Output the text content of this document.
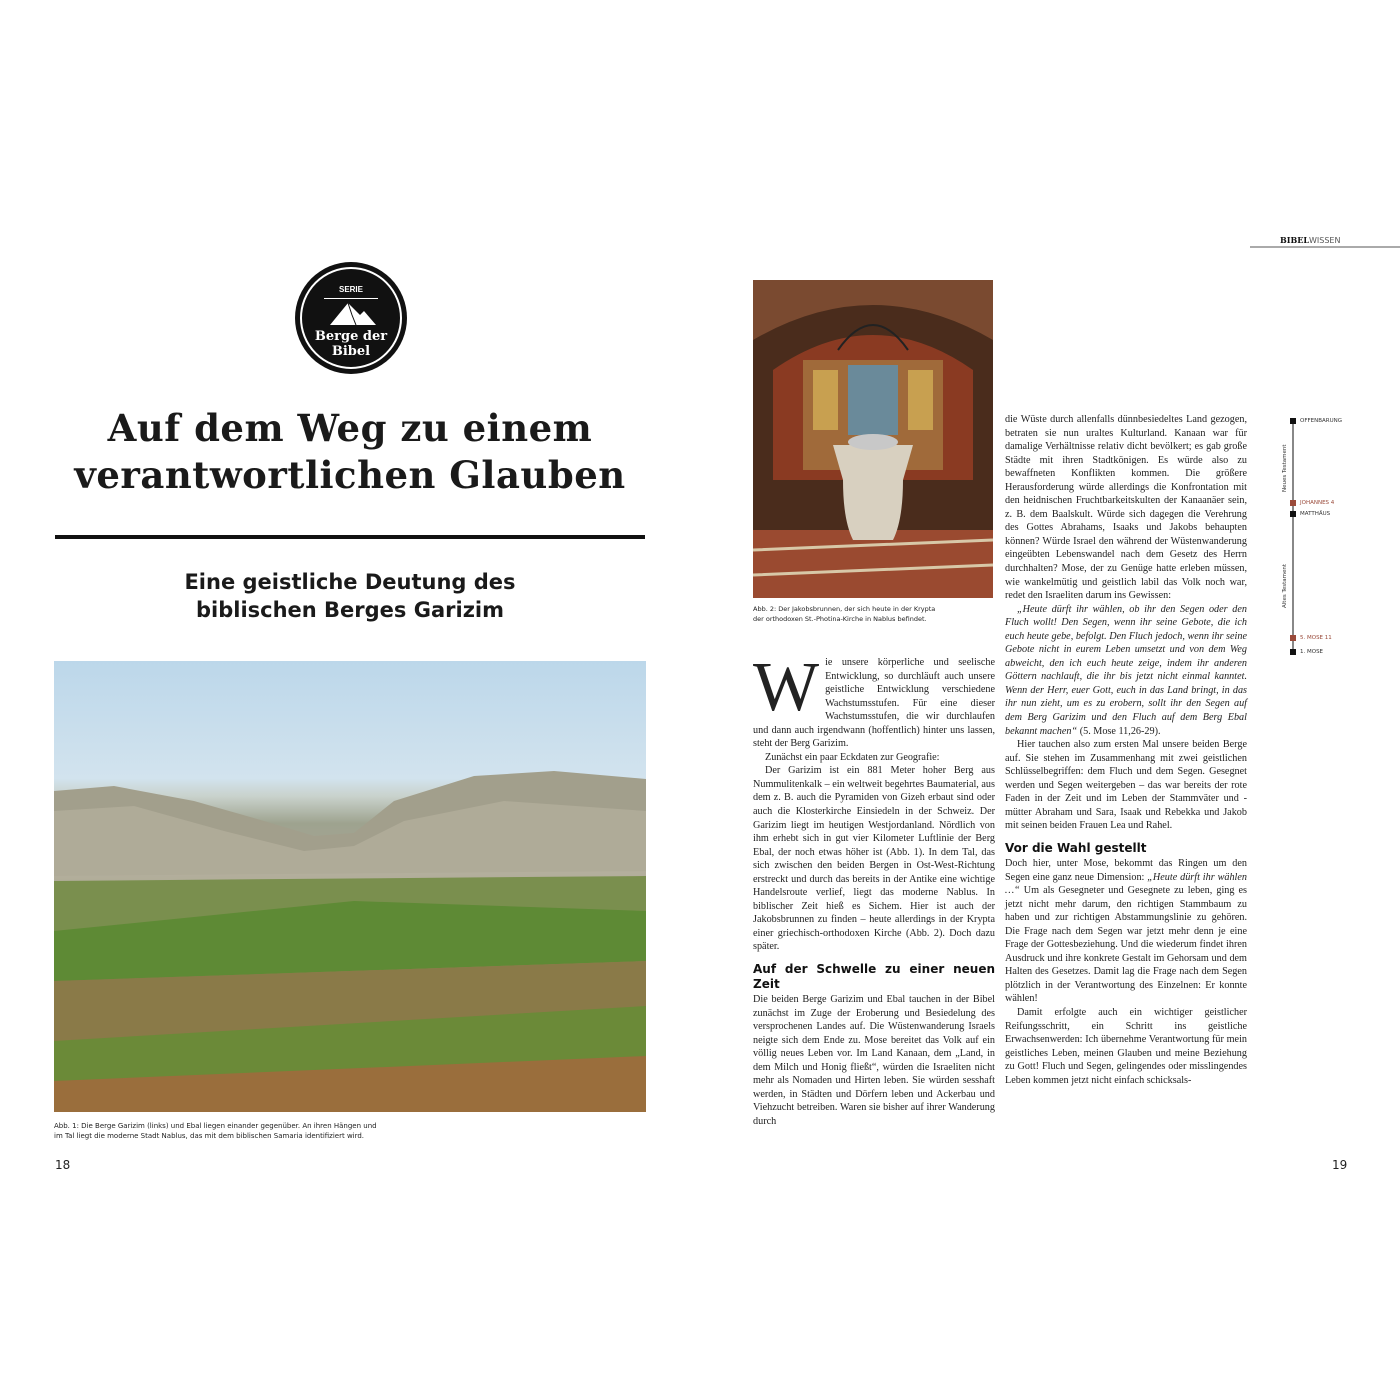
SERIE
Berge der
Bibel
Auf dem Weg zu einem
verantwortlichen Glauben
Eine geistliche Deutung des
biblischen Berges Garizim
Abb. 1: Die Berge Garizim (links) und Ebal liegen einander gegenüber. An ihren Hängen und
im Tal liegt die moderne Stadt Nablus, das mit dem biblischen Samaria identifiziert wird.
18
BIBELWISSEN
Abb. 2: Der Jakobsbrunnen, der sich heute in der Krypta
der orthodoxen St.-Photina-Kirche in Nablus befindet.
W ie unsere körperliche und seelische Entwicklung, so durchläuft auch unsere geistliche Entwicklung verschiedene Wachstumsstufen. Für eine dieser Wachstumsstufen, die wir durchlaufen und dann auch irgendwann (hoffentlich) hinter uns lassen, steht der Berg Garizim.

Zunächst ein paar Eckdaten zur Geografie:

Der Garizim ist ein 881 Meter hoher Berg aus Nummulitenkalk – ein weltweit begehrtes Baumaterial, aus dem z. B. auch die Pyramiden von Gizeh erbaut sind oder auch die Klosterkirche Einsiedeln in der Schweiz. Der Garizim liegt im heutigen Westjordanland. Nördlich von ihm erhebt sich in gut vier Kilometer Luftlinie der Berg Ebal, der noch etwas höher ist (Abb. 1). In dem Tal, das sich zwischen den beiden Bergen in Ost-West-Richtung erstreckt und durch das bereits in der Antike eine wichtige Handelsroute verlief, liegt das moderne Nablus. In biblischer Zeit hieß es Sichem. Hier ist auch der Jakobsbrunnen zu finden – heute allerdings in der Krypta einer griechisch-orthodoxen Kirche (Abb. 2). Doch dazu später.

Auf der Schwelle zu einer neuen Zeit

Die beiden Berge Garizim und Ebal tauchen in der Bibel zunächst im Zuge der Eroberung und Besiedelung des versprochenen Landes auf. Die Wüstenwanderung Israels neigte sich dem Ende zu. Mose bereitet das Volk auf ein völlig neues Leben vor. Im Land Kanaan, dem „Land, in dem Milch und Honig fließt“, würden die Israeliten nicht mehr als Nomaden und Hirten leben. Sie würden sesshaft werden, in Städten und Dörfern leben und Ackerbau und Viehzucht betreiben. Waren sie bisher auf ihrer Wanderung durch

die Wüste durch allenfalls dünnbesiedeltes Land gezogen, betraten sie nun uraltes Kulturland. Kanaan war für damalige Verhältnisse relativ dicht bevölkert; es gab große Städte mit ihren Stadtkönigen. Es würde also zu bewaffneten Konflikten kommen. Die größere Herausforderung würde allerdings die Konfrontation mit den heidnischen Fruchtbarkeitskulten der Kanaanäer sein, z. B. dem Baalskult. Würde sich dagegen die Verehrung des Gottes Abrahams, Isaaks und Jakobs behaupten können? Würde Israel den während der Wüstenwanderung eingeübten Lebenswandel nach dem Gesetz des Herrn durchhalten? Mose, der zu Genüge hatte erleben müssen, wie wankelmütig und geistlich labil das Volk noch war, redet den Israeliten darum ins Gewissen:

„Heute dürft ihr wählen, ob ihr den Segen oder den Fluch wollt! Den Segen, wenn ihr seine Gebote, die ich euch heute gebe, befolgt. Den Fluch jedoch, wenn ihr seine Gebote nicht in eurem Leben umsetzt und von dem Weg abweicht, den ich euch heute zeige, indem ihr anderen Göttern nachlauft, die ihr bis jetzt nicht einmal kanntet. Wenn der Herr, euer Gott, euch in das Land bringt, in das ihr nun zieht, um es zu erobern, sollt ihr den Segen auf dem Berg Garizim und den Fluch auf dem Berg Ebal bekannt machen“ (5. Mose 11,26-29).

Hier tauchen also zum ersten Mal unsere beiden Berge auf. Sie stehen im Zusammenhang mit zwei geistlichen Schlüsselbegriffen: dem Fluch und dem Segen. Gesegnet werden und Segen weitergeben – das war bereits der rote Faden in der Zeit und im Leben der Stammväter und -mütter Abraham und Sara, Isaak und Rebekka und Jakob mit seinen beiden Frauen Lea und Rahel.

Vor die Wahl gestellt

Doch hier, unter Mose, bekommt das Ringen um den Segen eine ganz neue Dimension: „Heute dürft ihr wählen …“ Um als Gesegneter und Gesegnete zu leben, ging es jetzt nicht mehr darum, den richtigen Stammbaum zu haben und zur richtigen Abstammungslinie zu gehören. Die Frage nach dem Segen war jetzt mehr denn je eine Frage der Gottesbeziehung. Und die wiederum findet ihren Ausdruck und ihre konkrete Gestalt im Gehorsam und dem Halten des Gesetzes. Damit lag die Frage nach dem Segen plötzlich in der Verantwortung des Einzelnen: Er konnte wählen!

Damit erfolgte auch ein wichtiger geistlicher Reifungsschritt, ein Schritt ins geistliche Erwachsenwerden: Ich übernehme Verantwortung für mein geistliches Leben, meinen Glauben und meine Beziehung zu Gott! Fluch und Segen, gelingendes oder misslingendes Leben kommen jetzt nicht einfach schicksals-

Neues Testament
Altes Testament
OFFENBARUNG
JOHANNES 4
MATTHÄUS
5. MOSE 11
1. MOSE
19
